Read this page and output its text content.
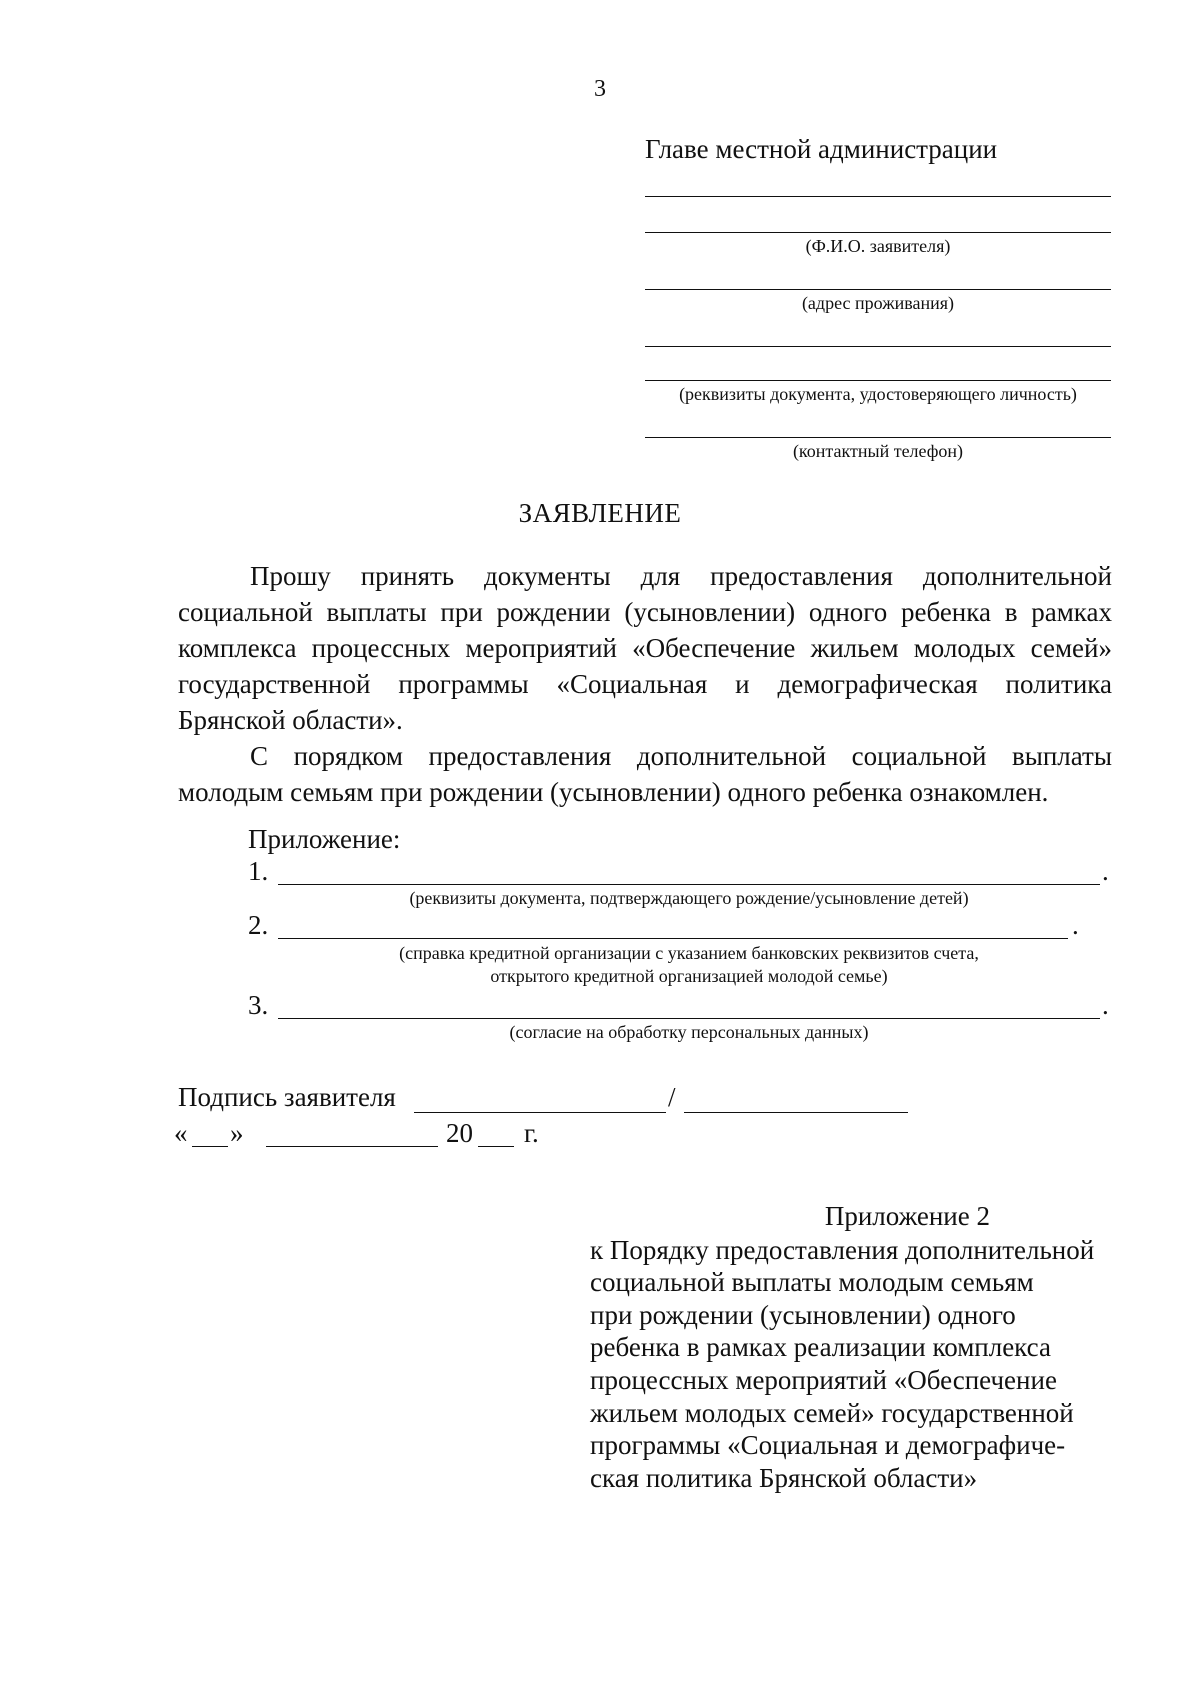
3
Главе местной администрации
(Ф.И.О. заявителя)
(адрес проживания)
(реквизиты документа, удостоверяющего личность)
(контактный телефон)
ЗАЯВЛЕНИЕ

Прошу принять документы для предоставления дополнительной социальной выплаты при рождении (усыновлении) одного ребенка в рамках комплекса процессных мероприятий «Обеспечение жильем молодых семей» государственной программы «Социальная и демографическая политика Брянской области».

С порядком предоставления дополнительной социальной выплаты молодым семьям при рождении (усыновлении) одного ребенка ознакомлен.

Приложение:
1.	.
(реквизиты документа, подтверждающего рождение/усыновление детей)
2.	.
(справка кредитной организации с указанием банковских реквизитов счета,
открытого кредитной организацией молодой семье)
3.	.
(согласие на обработку персональных данных)
Подпись заявителя	/
« »	20 г.
Приложение 2
к Порядку предоставления дополнительной
социальной выплаты молодым семьям
при рождении (усыновлении) одного
ребенка в рамках реализации комплекса
процессных мероприятий «Обеспечение
жильем молодых семей» государственной
программы «Социальная и демографиче-
ская политика Брянской области»
